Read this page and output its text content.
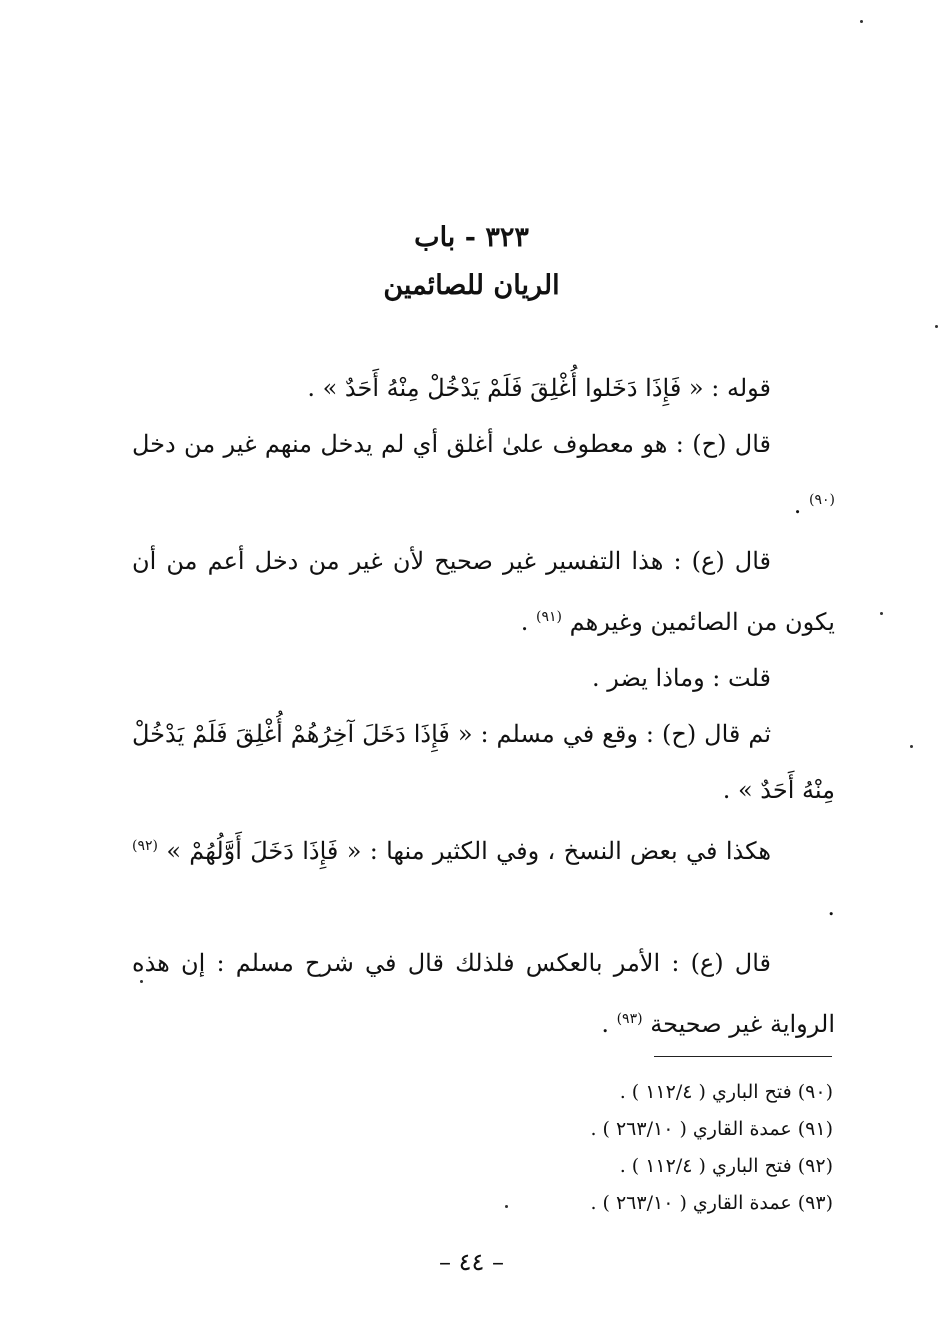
٣٢٣ - باب
الريان للصائمين

قوله : « فَإِذَا دَخَلوا أُغْلِقَ فَلَمْ يَدْخُلْ مِنْهُ أَحَدٌ » .

قال (ح) : هو معطوف علىٰ أغلق أي لم يدخل منهم غير من دخل $^{(٩٠)}$ .

قال (ع) : هذا التفسير غير صحيح لأن غير من دخل أعم من أن يكون من الصائمين وغيرهم $^{(٩١)}$ .

قلت : وماذا يضر .

ثم قال (ح) : وقع في مسلم : « فَإِذَا دَخَلَ آخِرُهُمْ أُغْلِقَ فَلَمْ يَدْخُلْ مِنْهُ أَحَدٌ » .

هكذا في بعض النسخ ، وفي الكثير منها : « فَإِذَا دَخَلَ أَوَّلُهُمْ » $^{(٩٢)}$ .

قال (ع) : الأمر بالعكس فلذلك قال في شرح مسلم : إن هذه الرواية غير صحيحة $^{(٩٣)}$ .

(٩٠) فتح الباري ( ١١٢/٤ ) .
(٩١) عمدة القاري ( ٢٦٣/١٠ ) .
(٩٢) فتح الباري ( ١١٢/٤ ) .
(٩٣) عمدة القاري ( ٢٦٣/١٠ ) .
– ٤٤ –
